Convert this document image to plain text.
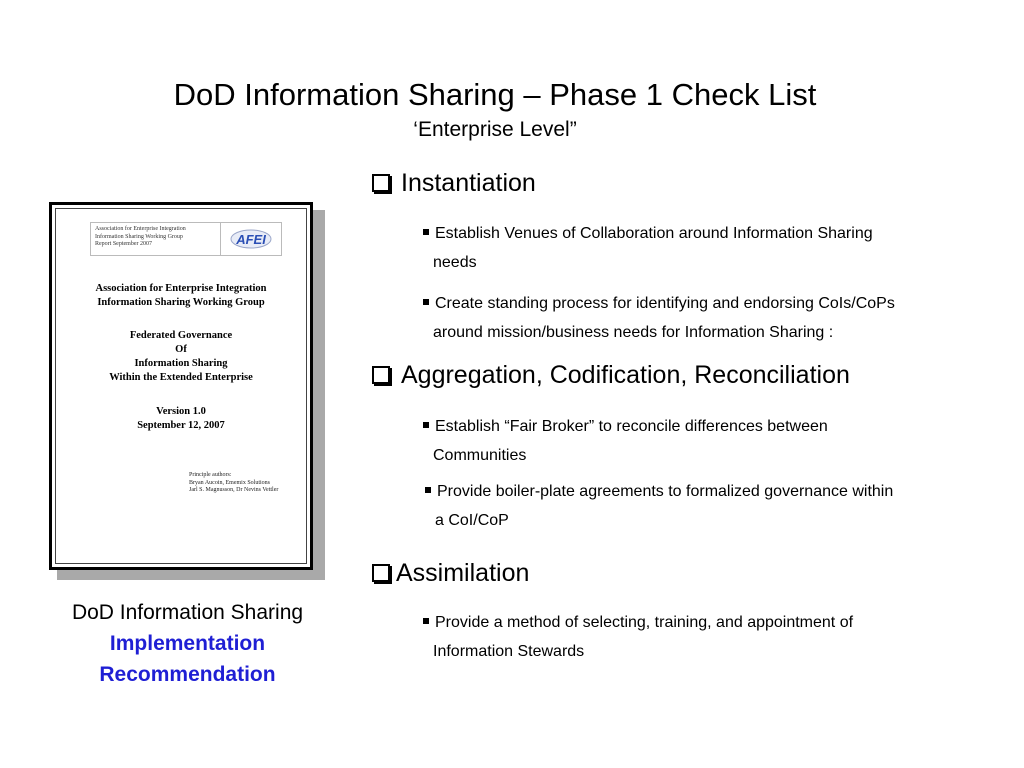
DoD Information Sharing – Phase 1 Check List
‘Enterprise Level”
Association for Enterprise Integration
Information Sharing Working Group
Report September 2007	AFEI
Association for Enterprise Integration
Information Sharing Working Group
Federated Governance
Of
Information Sharing
Within the Extended Enterprise
Version 1.0
September 12, 2007
Principle authors:
Bryan Aucoin, Ememix Solutions
Jarl S. Magnusson, Dr Nevins Vettler
DoD Information Sharing
Implementation
Recommendation
Instantiation
Establish Venues of Collaboration around Information Sharing
needs
Create standing process for identifying and endorsing CoIs/CoPs
around mission/business needs for Information Sharing :
Aggregation, Codification, Reconciliation
Establish “Fair Broker” to reconcile differences between
Communities
Provide boiler-plate agreements to formalized governance within
a CoI/CoP
Assimilation
Provide a method of selecting, training, and appointment of
Information Stewards
